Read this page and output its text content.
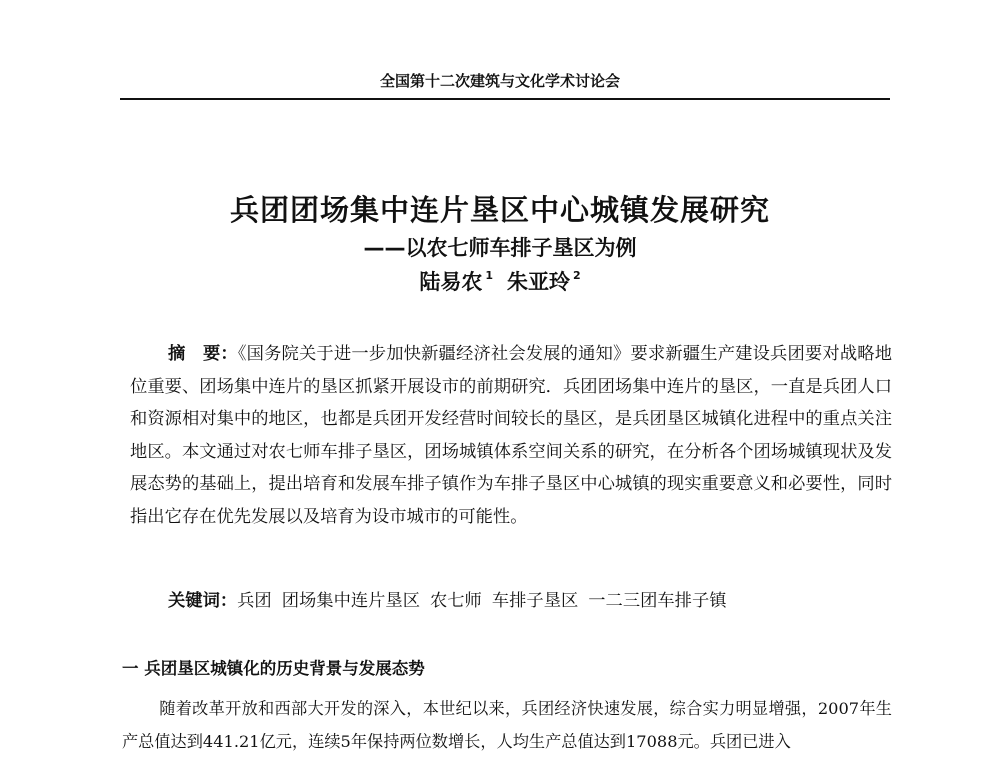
全国第十二次建筑与文化学术讨论会
兵团团场集中连片垦区中心城镇发展研究
——以农七师车排子垦区为例
陆易农 $^1$ 朱亚玲 $^2$
摘　要：《国务院关于进一步加快新疆经济社会发展的通知》要求新疆生产建设兵团要对战略地位重要、团场集中连片的垦区抓紧开展设市的前期研究．兵团团场集中连片的垦区，一直是兵团人口和资源相对集中的地区，也都是兵团开发经营时间较长的垦区，是兵团垦区城镇化进程中的重点关注地区。本文通过对农七师车排子垦区，团场城镇体系空间关系的研究，在分析各个团场城镇现状及发展态势的基础上，提出培育和发展车排子镇作为车排子垦区中心城镇的现实重要意义和必要性，同时指出它存在优先发展以及培育为设市城市的可能性。
关键词：兵团 团场集中连片垦区 农七师 车排子垦区 一二三团车排子镇
一 兵团垦区城镇化的历史背景与发展态势
随着改革开放和西部大开发的深入，本世纪以来，兵团经济快速发展，综合实力明显增强，2007年生产总值达到441.21亿元，连续5年保持两位数增长，人均生产总值达到17088元。兵团已进入
